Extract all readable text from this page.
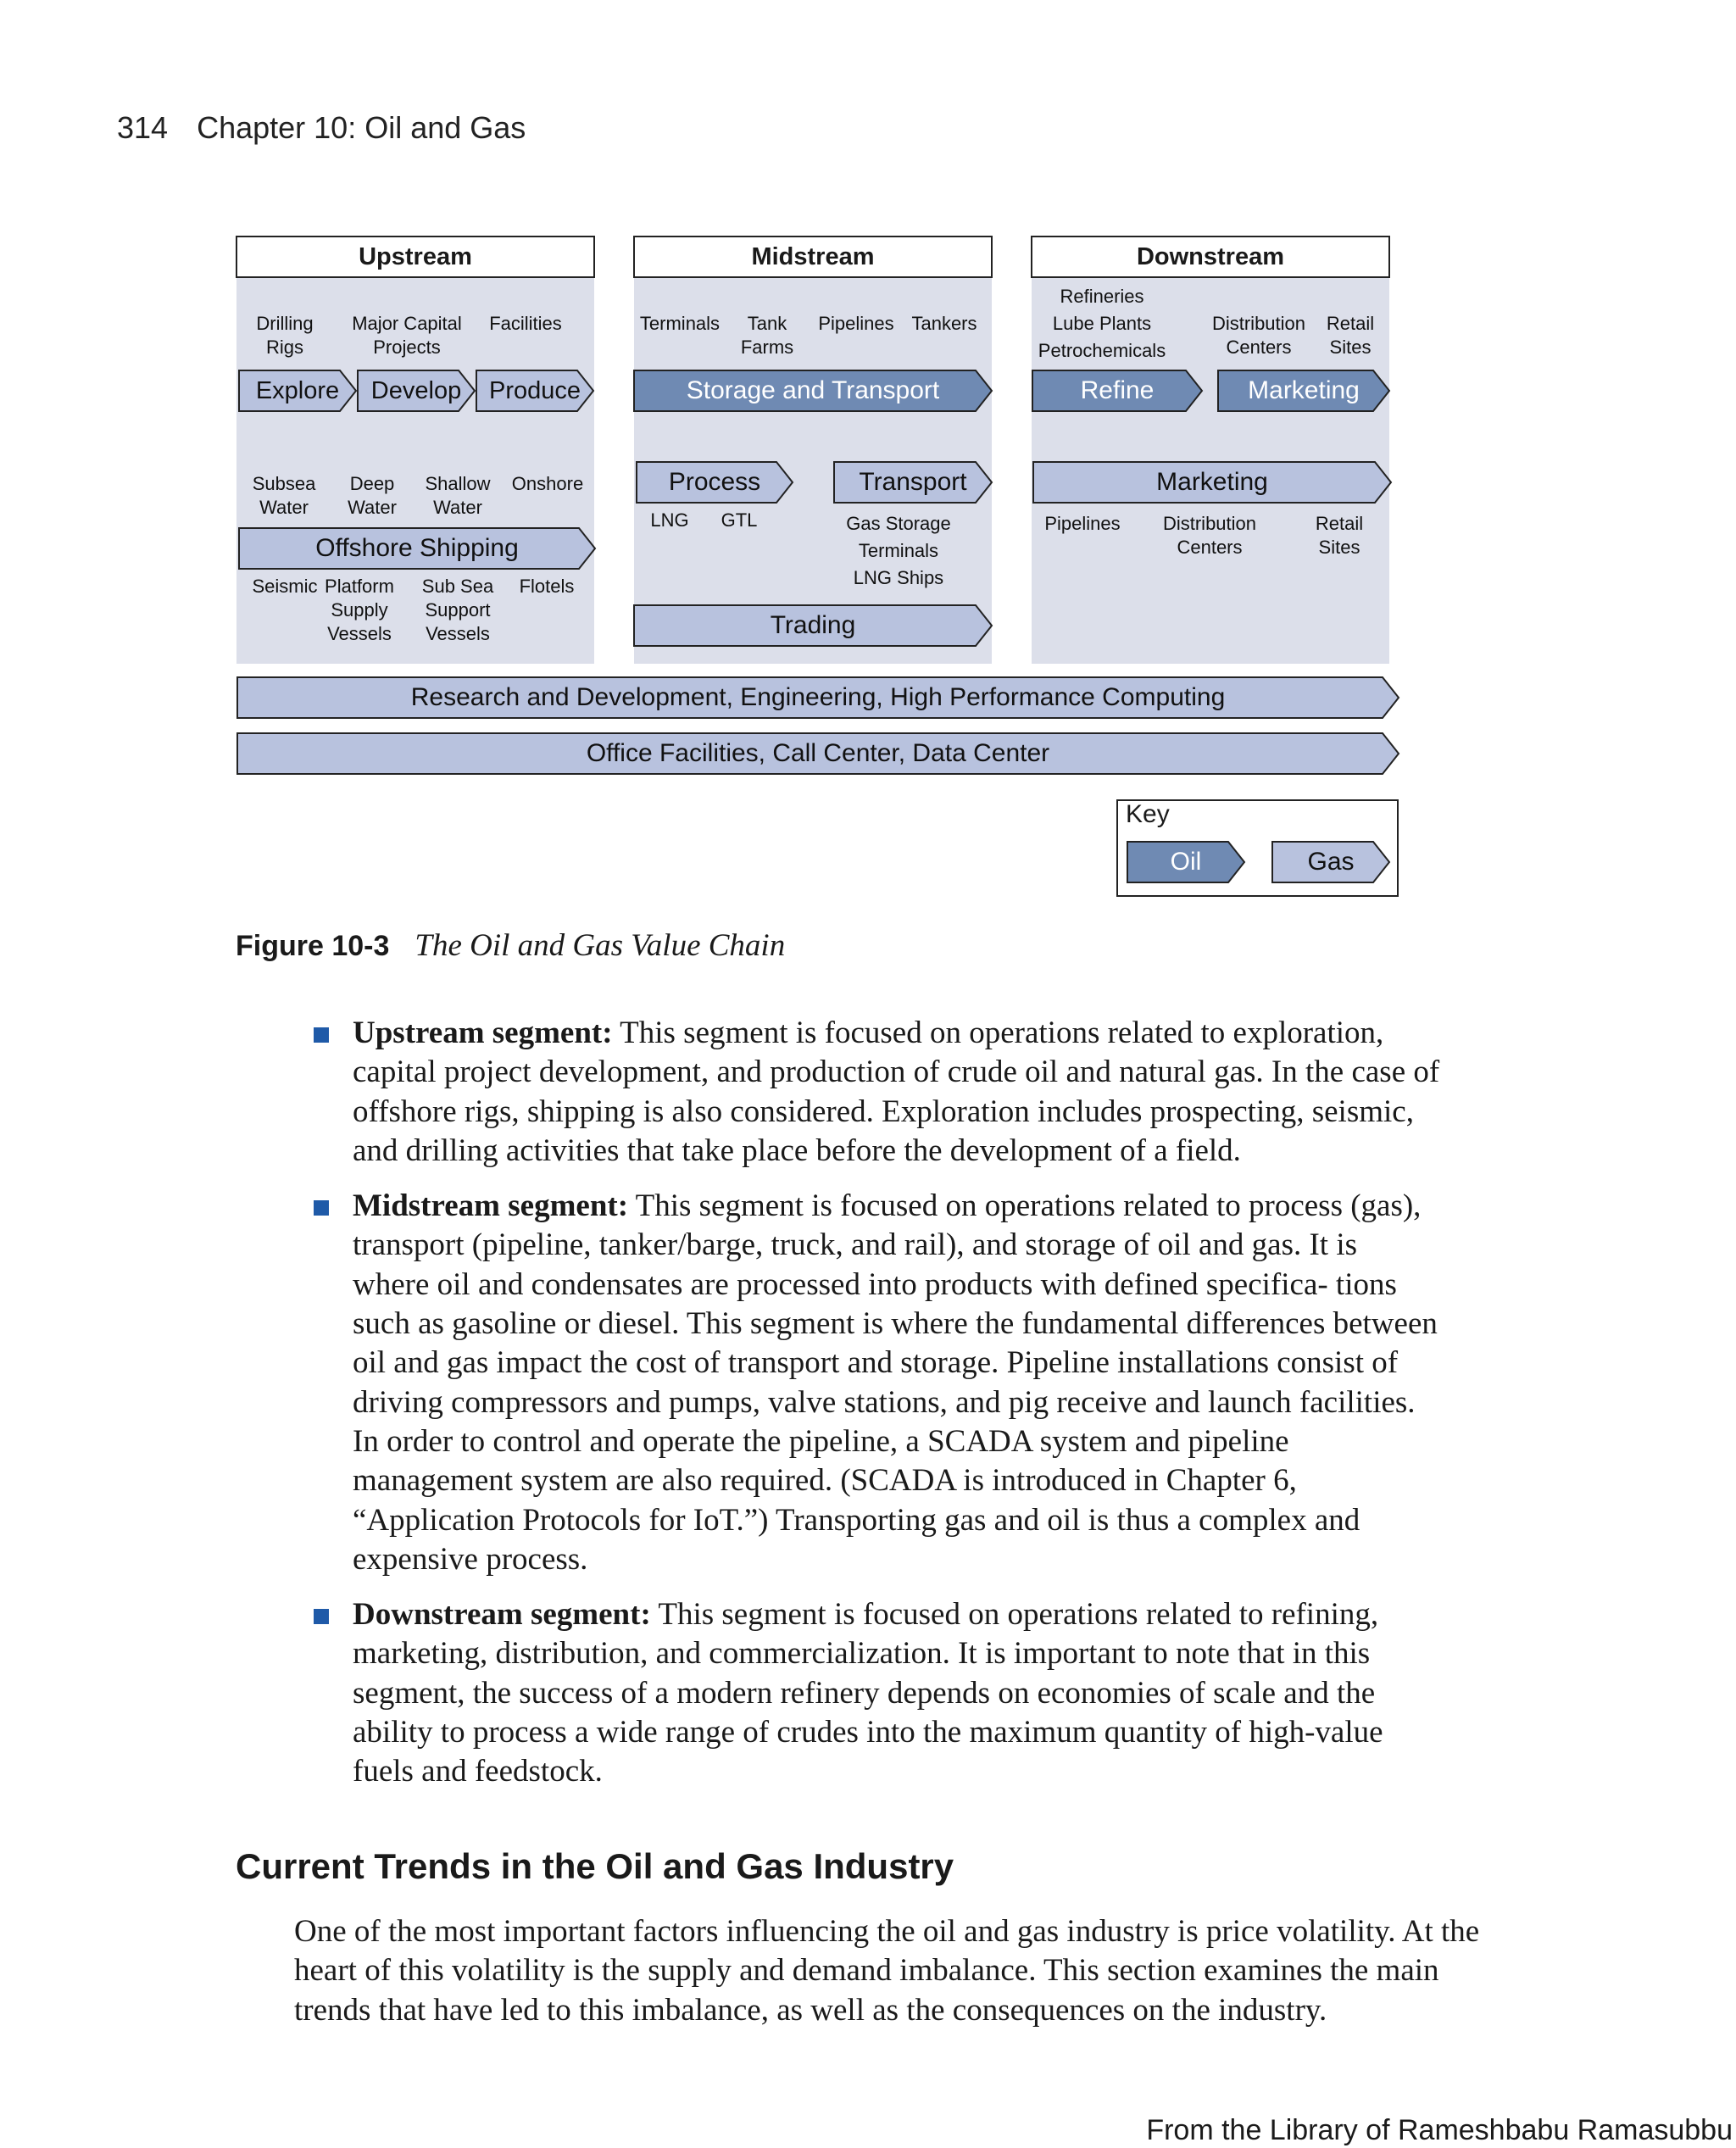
314 Chapter 10: Oil and Gas
Upstream	Midstream	Downstream
Drilling
Rigs
Major Capital
Projects
Facilities
Explore Develop Produce
Subsea
Water
Deep
Water
Shallow
Water
Onshore
Offshore Shipping
Seismic Platform
Supply
Vessels
Sub Sea
Support
Vessels
Flotels
Terminals	Tank
Farms
Pipelines Tankers
Storage and Transport
Process	Transport
LNG	GTL	Gas Storage
Terminals
LNG Ships
Trading
Refineries
Lube Plants
Petrochemicals
Distribution
Centers
Retail
Sites
Refine	Marketing
Marketing
Pipelines	Distribution
Centers
Retail
Sites
Research and Development, Engineering, High Performance Computing
Office Facilities, Call Center, Data Center
Key
Oil	Gas
Figure 10-3 The Oil and Gas Value Chain
Upstream segment: This segment is focused on operations related to exploration, capital project development, and production of crude oil and natural gas. In the case of offshore rigs, shipping is also considered. Exploration includes prospecting, seismic, and drilling activities that take place before the development of a field.
Midstream segment: This segment is focused on operations related to process (gas), transport (pipeline, tanker/barge, truck, and rail), and storage of oil and gas. It is where oil and condensates are processed into products with defined specifica- tions such as gasoline or diesel. This segment is where the fundamental differences between oil and gas impact the cost of transport and storage. Pipeline installations consist of driving compressors and pumps, valve stations, and pig receive and launch facilities. In order to control and operate the pipeline, a SCADA system and pipeline management system are also required. (SCADA is introduced in Chapter 6, “Application Protocols for IoT.”) Transporting gas and oil is thus a complex and expensive process.
Downstream segment: This segment is focused on operations related to refining, marketing, distribution, and commercialization. It is important to note that in this segment, the success of a modern refinery depends on economies of scale and the ability to process a wide range of crudes into the maximum quantity of high-value fuels and feedstock.
Current Trends in the Oil and Gas Industry
One of the most important factors influencing the oil and gas industry is price volatility. At the heart of this volatility is the supply and demand imbalance. This section examines the main trends that have led to this imbalance, as well as the consequences on the industry.
From the Library of Rameshbabu Ramasubbu
